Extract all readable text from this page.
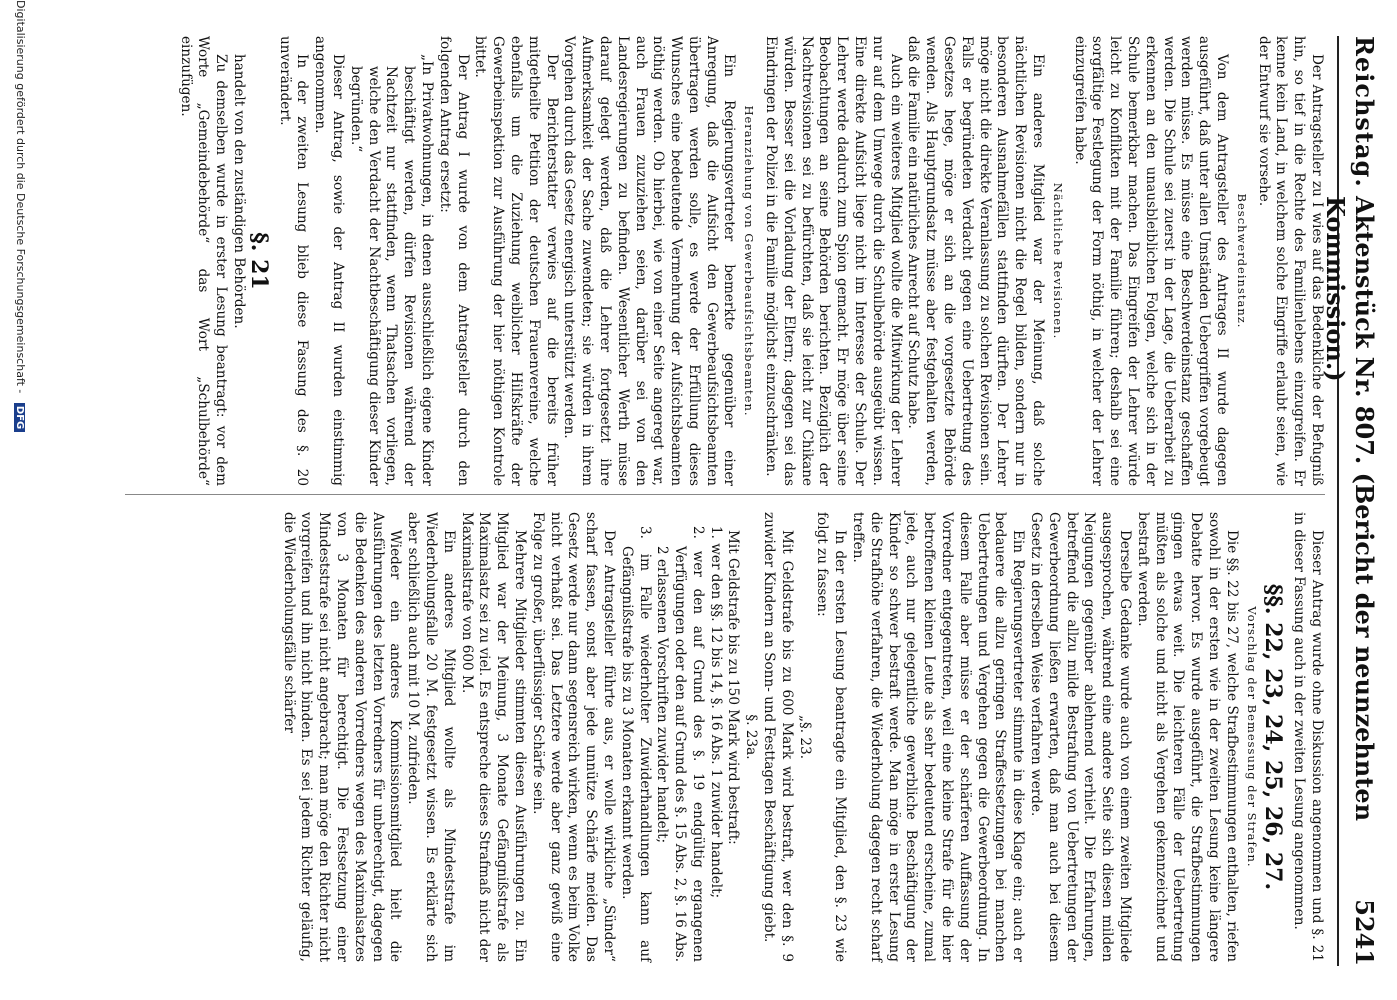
Reichstag.
Aktenstück Nr. 807. (Bericht der neunzehnten Kommission.)
5241

Der Antragsteller zu I wies auf das Bedenkliche der Befugniß hin, so tief in die Rechte des Familienlebens einzugreifen. Er kenne kein Land, in welchem solche Eingriffe erlaubt seien, wie der Entwurf sie vorsehe.

Beschwerdeinstanz.

Von dem Antragsteller des Antrages II wurde dagegen ausgeführt, daß unter allen Umständen Uebergriffen vorgebeugt werden müsse. Es müsse eine Beschwerdeinstanz geschaffen werden. Die Schule sei zuerst in der Lage, die Ueberarbeit zu erkennen an den unausbleiblichen Folgen, welche sich in der Schule bemerkbar machen. Das Eingreifen der Lehrer würde leicht zu Konflikten mit der Familie führen; deshalb sei eine sorgfältige Festlegung der Form nöthig, in welcher der Lehrer einzugreifen habe.

Nächtliche Revisionen.

Ein anderes Mitglied war der Meinung, daß solche nächtlichen Revisionen nicht die Regel bilden, sondern nur in besonderen Ausnahmefällen stattfinden dürften. Der Lehrer möge nicht die direkte Veranlassung zu solchen Revisionen sein. Falls er begründeten Verdacht gegen eine Uebertretung des Gesetzes hege, möge er sich an die vorgesetzte Behörde wenden. Als Hauptgrundsatz müsse aber festgehalten werden, daß die Familie ein natürliches Anrecht auf Schutz habe.

Auch ein weiteres Mitglied wollte die Mitwirkung der Lehrer nur auf dem Umwege durch die Schulbehörde ausgeübt wissen. Eine direkte Aufsicht liege nicht im Interesse der Schule. Der Lehrer werde dadurch zum Spion gemacht. Er möge über seine Beobachtungen an seine Behörden berichten. Bezüglich der Nachtrevisionen sei zu befürchten, daß sie leicht zur Chikane würden. Besser sei die Vorladung der Eltern; dagegen sei das Eindringen der Polizei in die Familie möglichst einzuschränken.

Heranziehung von Gewerbeaufsichtsbeamten.

Ein Regierungsvertreter bemerkte gegenüber einer Anregung, daß die Aufsicht den Gewerbeaufsichtsbeamten übertragen werden solle, es werde der Erfüllung dieses Wunsches eine bedeutende Vermehrung der Aufsichtsbeamten nöthig werden. Ob hierbei, wie von einer Seite angeregt war, auch Frauen zuzuziehen seien, darüber sei von den Landesregierungen zu befinden. Wesentlicher Werth müsse darauf gelegt werden, daß die Lehrer fortgesetzt ihre Aufmerksamkeit der Sache zuwendeten; sie würden in ihrem Vorgehen durch das Gesetz energisch unterstützt werden.

Der Berichterstatter verwies auf die bereits früher mitgetheilte Petition der deutschen Frauenvereine, welche ebenfalls um die Zuziehung weiblicher Hilfskräfte der Gewerbeinspektion zur Ausführung der hier nöthigen Kontrole bittet.

Der Antrag I wurde von dem Antragsteller durch den folgenden Antrag ersetzt:

„In Privatwohnungen, in denen ausschließlich eigene Kinder beschäftigt werden, dürfen Revisionen während der Nachtzeit nur stattfinden, wenn Thatsachen vorliegen, welche den Verdacht der Nachtbeschäftigung dieser Kinder begründen.“

Dieser Antrag, sowie der Antrag II wurden einstimmig angenommen.

In der zweiten Lesung blieb diese Fassung des §. 20 unverändert.

§. 21

handelt von den zuständigen Behörden.

Zu demselben wurde in erster Lesung beantragt: vor dem Worte „Gemeindebehörde“ das Wort „Schulbehörde“ einzufügen.

Dieser Antrag wurde ohne Diskussion angenommen und §. 21 in dieser Fassung auch in der zweiten Lesung angenommen.

§§. 22, 23, 24, 25, 26, 27.

Vorschlag der Bemessung der Strafen.

Die §§. 22 bis 27, welche Strafbestimmungen enthalten, riefen sowohl in der ersten wie in der zweiten Lesung keine längere Debatte hervor. Es wurde ausgeführt, die Strafbestimmungen gingen etwas weit. Die leichteren Fälle der Uebertretung müßten als solche und nicht als Vergehen gekennzeichnet und bestraft werden.

Derselbe Gedanke wurde auch von einem zweiten Mitgliede ausgesprochen, während eine andere Seite sich diesen milden Neigungen gegenüber ablehnend verhielt. Die Erfahrungen, betreffend die allzu milde Bestrafung von Uebertretungen der Gewerbeordnung ließen erwarten, daß man auch bei diesem Gesetz in derselben Weise verfahren werde.

Ein Regierungsvertreter stimmte in diese Klage ein; auch er bedauere die allzu geringen Straffestsetzungen bei manchen Uebertretungen und Vergehen gegen die Gewerbeordnung. In diesem Falle aber müsse er der schärferen Auffassung der Vorredner entgegentreten, weil eine kleine Strafe für die hier betroffenen kleinen Leute als sehr bedeutend erscheine, zumal jede, auch nur gelegentliche gewerbliche Beschäftigung der Kinder so schwer bestraft werde. Man möge in erster Lesung die Strafhöhe verfahren, die Wiederholung dagegen recht scharf treffen.

In der ersten Lesung beantragte ein Mitglied, den §. 23 wie folgt zu fassen:

„§. 23.

Mit Geldstrafe bis zu 600 Mark wird bestraft, wer den §. 9 zuwider Kindern an Sonn- und Festtagen Beschäftigung giebt.

§. 23a.

Mit Geldstrafe bis zu 150 Mark wird bestraft:

1. wer den §§. 12 bis 14, §. 16 Abs. 1 zuwider handelt;

2. wer den auf Grund des §. 19 endgültig ergangenen Verfügungen oder den auf Grund des §. 15 Abs. 2, §. 16 Abs. 2 erlassenen Vorschriften zuwider handelt;

3. im Falle wiederholter Zuwiderhandlungen kann auf Gefängnißstrafe bis zu 3 Monaten erkannt werden.

Der Antragsteller führte aus, er wolle wirkliche „Sünder“ scharf fassen, sonst aber jede unnütze Schärfe meiden. Das Gesetz werde nur dann segensreich wirken, wenn es beim Volke nicht verhaßt sei. Das Letztere werde aber ganz gewiß eine Folge zu großer, überflüssiger Schärfe sein.

Mehrere Mitglieder stimmten diesen Ausführungen zu. Ein Mitglied war der Meinung, 3 Monate Gefängnißstrafe als Maximalsatz sei zu viel. Es entspreche dieses Strafmaß nicht der Maximalstrafe von 600 M.

Ein anderes Mitglied wollte als Mindeststrafe im Wiederholungsfalle 20 M. festgesetzt wissen. Es erklärte sich aber schließlich auch mit 10 M. zufrieden.

Wieder ein anderes Kommissionsmitglied hielt die Ausführungen des letzten Vorredners für unberechtigt, dagegen die Bedenken des anderen Vorredners wegen des Maximalsatzes von 3 Monaten für berechtigt. Die Festsetzung einer Mindeststrafe sei nicht angebracht; man möge den Richter nicht vorgreifen und ihn nicht binden. Es sei jedem Richter geläufig, die Wiederholungsfälle schärfer

Digitalisierung gefördert durch die Deutsche Forschungsgemeinschaft - DFG
